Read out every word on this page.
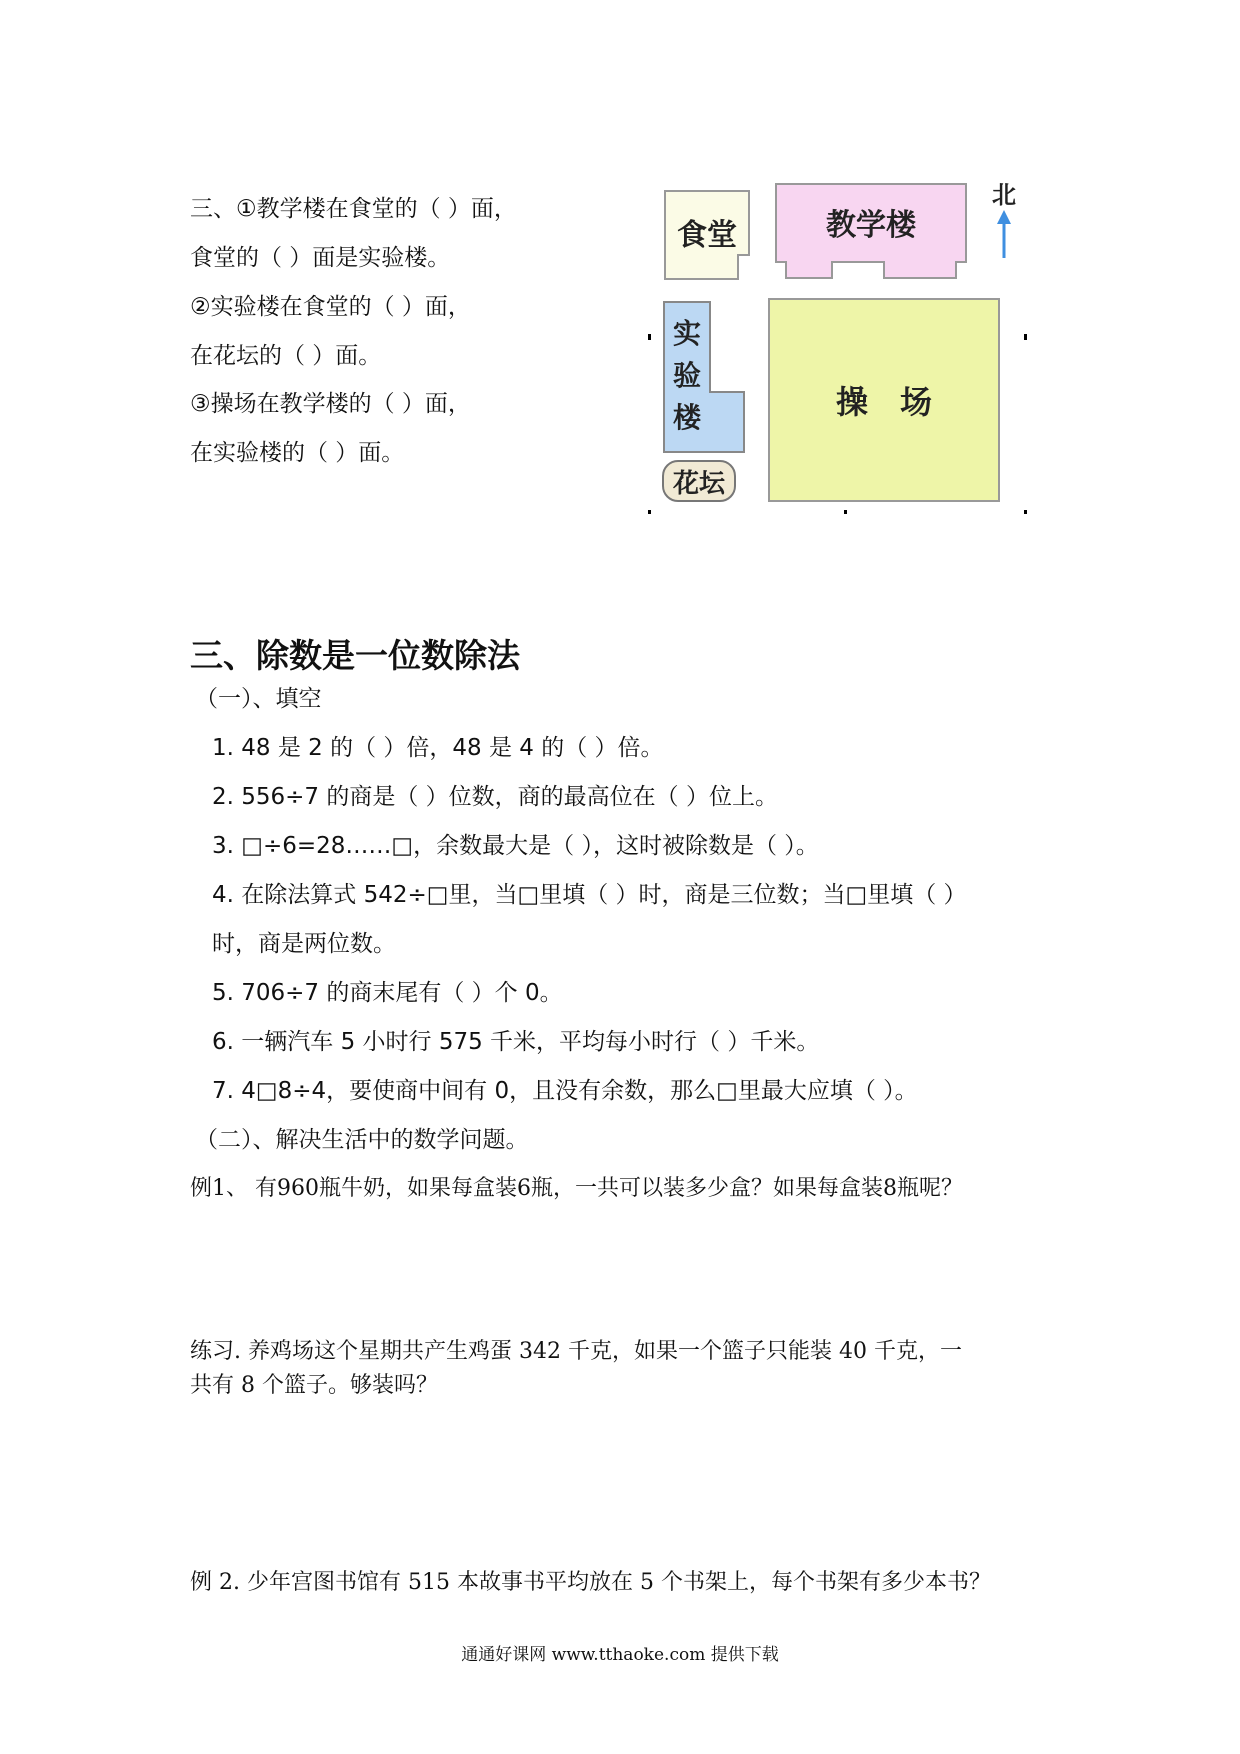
三、①教学楼在食堂的（ ）面，
食堂的（ ）面是实验楼。
②实验楼在食堂的（ ）面，
在花坛的（ ）面。
③操场在教学楼的（ ）面，
在实验楼的（ ）面。
食堂	教学楼
北
实
验
楼
花坛
操　场
三、除数是一位数除法
（一）、填空
1. 48 是 2 的（ ）倍，48 是 4 的（ ）倍。
2. 556÷7 的商是（ ）位数，商的最高位在（ ）位上。
3. □÷6=28……□，余数最大是（ ），这时被除数是（ ）。
4. 在除法算式 542÷□里，当□里填（ ）时，商是三位数；当□里填（ ）
时，商是两位数。
5. 706÷7 的商末尾有（ ）个 0。
6. 一辆汽车 5 小时行 575 千米，平均每小时行（ ）千米。
7. 4□8÷4，要使商中间有 0，且没有余数，那么□里最大应填（ ）。
（二）、解决生活中的数学问题。
例1、 有960瓶牛奶，如果每盒装6瓶，一共可以装多少盒？如果每盒装8瓶呢？
练习. 养鸡场这个星期共产生鸡蛋 342 千克，如果一个篮子只能装 40 千克，一
共有 8 个篮子。够装吗？
例 2. 少年宫图书馆有 515 本故事书平均放在 5 个书架上，每个书架有多少本书？
通通好课网 www.tthaoke.com 提供下载
